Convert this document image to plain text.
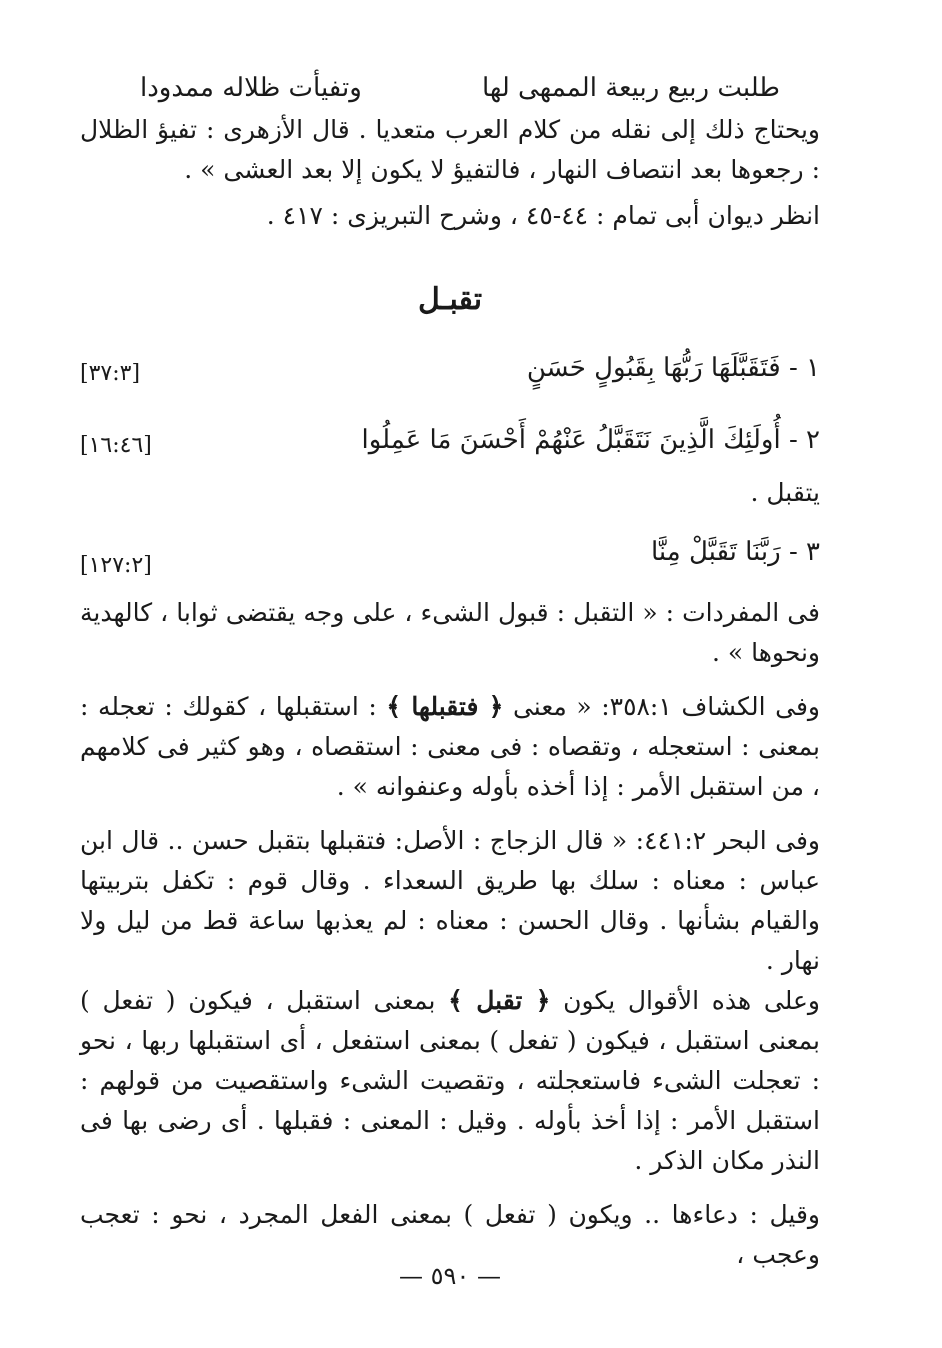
طلبت ربيع ربيعة الممهى لها
وتفيأت ظلاله ممدودا

ويحتاج ذلك إلى نقله من كلام العرب متعديا . قال الأزهرى : تفيؤ الظلال : رجعوها بعد انتصاف النهار ، فالتفيؤ لا يكون إلا بعد العشى » .

انظر ديوان أبى تمام : ٤٤-٤٥ ، وشرح التبريزى : ٤١٧ .

تقبـل
١ - فَتَقَبَّلَهَا رَبُّهَا بِقَبُولٍ حَسَنٍ
[٣٧:٣]
٢ - أُولَئِكَ الَّذِينَ نَتَقَبَّلُ عَنْهُمْ أَحْسَنَ مَا عَمِلُوا
[١٦:٤٦]
يتقبل .
٣ - رَبَّنَا تَقَبَّلْ مِنَّا
[١٢٧:٢]

فى المفردات : « التقبل : قبول الشىء ، على وجه يقتضى ثوابا ، كالهدية ونحوها » .

وفى الكشاف ٣٥٨:١: « معنى ﴿ فتقبلها ﴾ : استقبلها ، كقولك : تعجله : بمعنى : استعجله ، وتقصاه : فى معنى : استقصاه ، وهو كثير فى كلامهم ، من استقبل الأمر : إذا أخذه بأوله وعنفوانه » .

وفى البحر ٤٤١:٢: « قال الزجاج : الأصل: فتقبلها بتقبل حسن .. قال ابن عباس : معناه : سلك بها طريق السعداء . وقال قوم : تكفل بتربيتها والقيام بشأنها . وقال الحسن : معناه : لم يعذبها ساعة قط من ليل ولا نهار .

وعلى هذه الأقوال يكون ﴿ تقبل ﴾ بمعنى استقبل ، فيكون ( تفعل ) بمعنى استقبل ، فيكون ( تفعل ) بمعنى استفعل ، أى استقبلها ربها ، نحو : تعجلت الشىء فاستعجلته ، وتقصيت الشىء واستقصيت من قولهم : استقبل الأمر : إذا أخذ بأوله . وقيل : المعنى : فقبلها . أى رضى بها فى النذر مكان الذكر .

وقيل : دعاءها .. ويكون ( تفعل ) بمعنى الفعل المجرد ، نحو : تعجب وعجب ،

— ٥٩٠ —
